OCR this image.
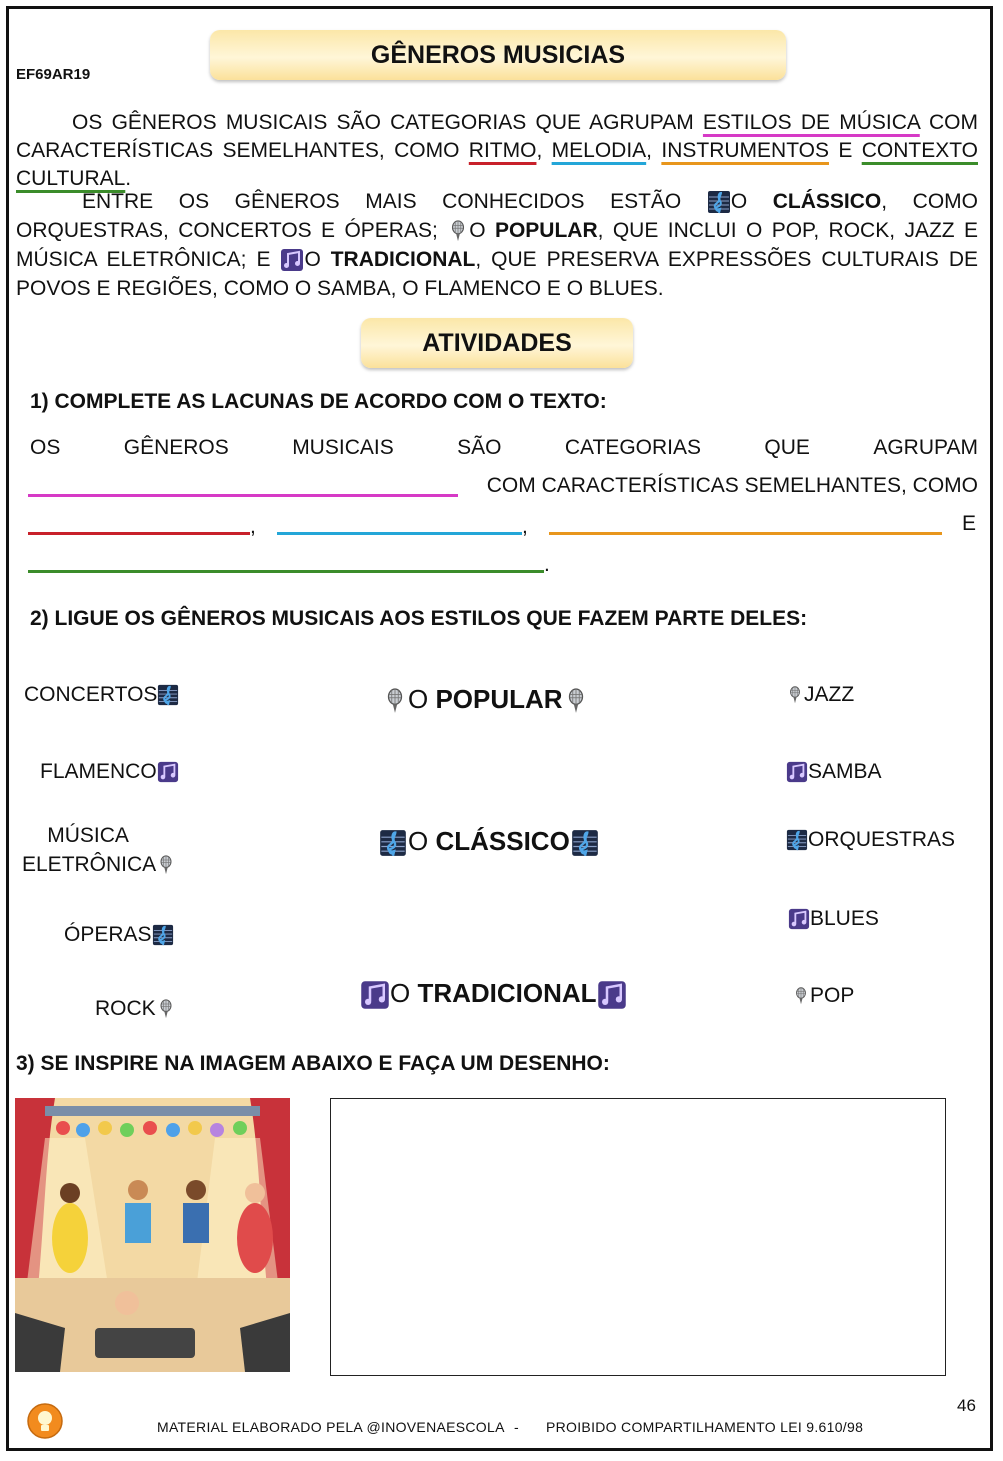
EF69AR19
GÊNEROS MUSICIAS
OS GÊNEROS MUSICAIS SÃO CATEGORIAS QUE AGRUPAM ESTILOS DE MÚSICA COM CARACTERÍSTICAS SEMELHANTES, COMO RITMO, MELODIA, INSTRUMENTOS E CONTEXTO CULTURAL.
ENTRE OS GÊNEROS MAIS CONHECIDOS ESTÃO O CLÁSSICO, COMO ORQUESTRAS, CONCERTOS E ÓPERAS; O POPULAR, QUE INCLUI O POP, ROCK, JAZZ E MÚSICA ELETRÔNICA; E O TRADICIONAL, QUE PRESERVA EXPRESSÕES CULTURAIS DE POVOS E REGIÕES, COMO O SAMBA, O FLAMENCO E O BLUES.
ATIVIDADES
1) COMPLETE AS LACUNAS DE ACORDO COM O TEXTO:
OS	GÊNEROS	MUSICAIS	SÃO	CATEGORIAS	QUE	AGRUPAM
COM CARACTERÍSTICAS SEMELHANTES, COMO
,	,	E
.
2) LIGUE OS GÊNEROS MUSICAIS AOS ESTILOS QUE FAZEM PARTE DELES:
CONCERTOS
FLAMENCO
MÚSICA
ELETRÔNICA
ÓPERAS
ROCK
O POPULAR
O CLÁSSICO
O TRADICIONAL
JAZZ
SAMBA
ORQUESTRAS
BLUES
POP
3) SE INSPIRE NA IMAGEM ABAIXO E FAÇA UM DESENHO:
46
MATERIAL ELABORADO PELA @INOVENAESCOLA - PROIBIDO COMPARTILHAMENTO LEI 9.610/98
